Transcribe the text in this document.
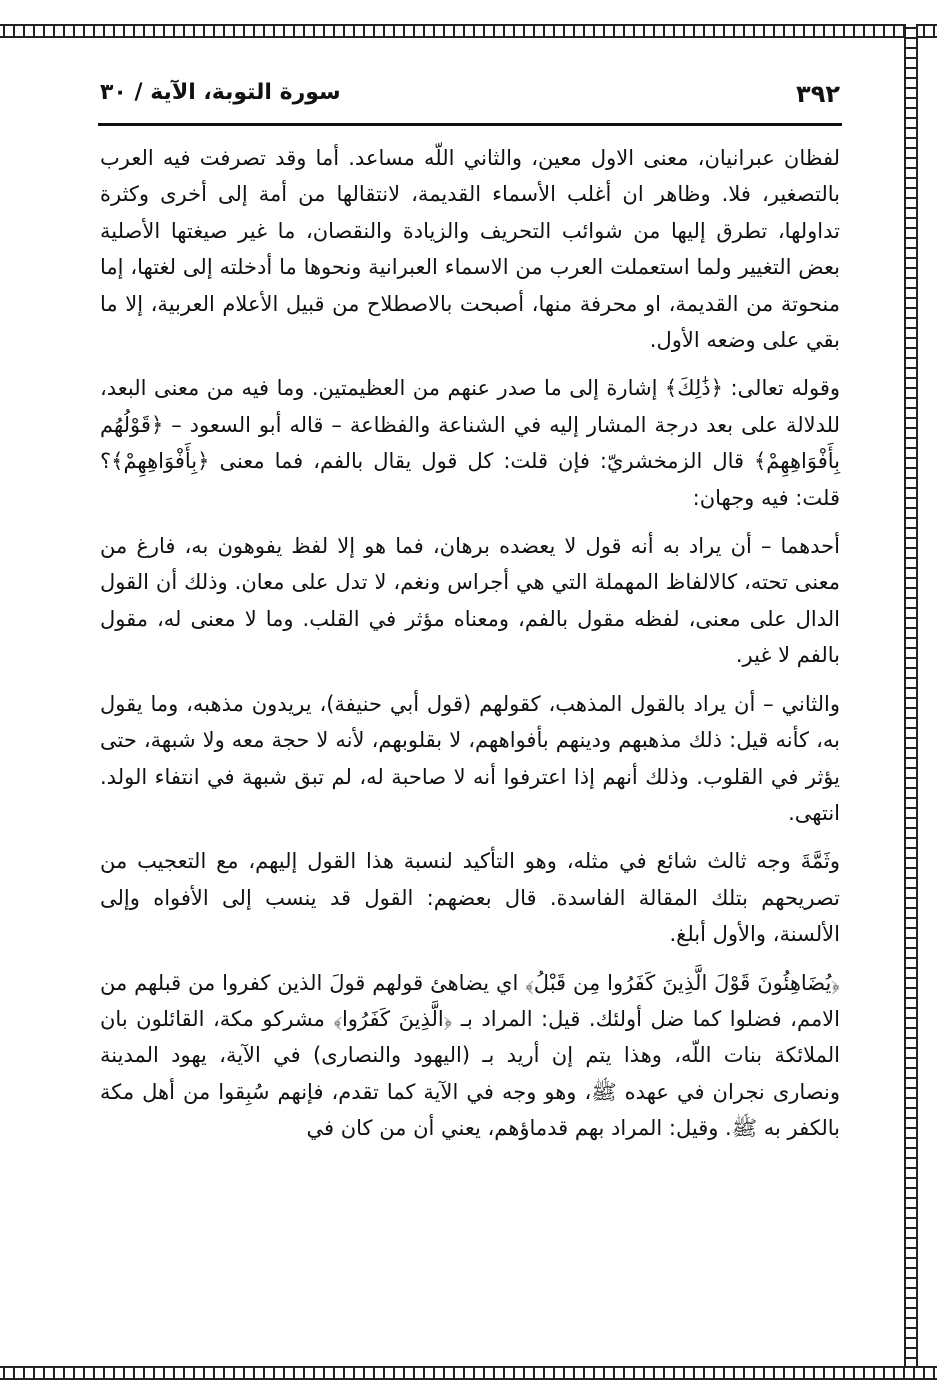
٣٩٢
سورة التوبة، الآية / ٣٠

لفظان عبرانيان، معنى الاول معين، والثاني اللّه مساعد. أما وقد تصرفت فيه العرب بالتصغير، فلا. وظاهر ان أغلب الأسماء القديمة، لانتقالها من أمة إلى أخرى وكثرة تداولها، تطرق إليها من شوائب التحريف والزيادة والنقصان، ما غير صيغتها الأصلية بعض التغيير ولما استعملت العرب من الاسماء العبرانية ونحوها ما أدخلته إلى لغتها، إما منحوتة من القديمة، او محرفة منها، أصبحت بالاصطلاح من قبيل الأعلام العربية، إلا ما بقي على وضعه الأول.

وقوله تعالى: ﴿ذَٰلِكَ﴾ إشارة إلى ما صدر عنهم من العظيمتين. وما فيه من معنى البعد، للدلالة على بعد درجة المشار إليه في الشناعة والفظاعة – قاله أبو السعود – ﴿قَوْلُهُم بِأَفْوَاهِهِمْ﴾ قال الزمخشريّ: فإن قلت: كل قول يقال بالفم، فما معنى ﴿بِأَفْوَاهِهِمْ﴾؟ قلت: فيه وجهان:

أحدهما – أن يراد به أنه قول لا يعضده برهان، فما هو إلا لفظ يفوهون به، فارغ من معنى تحته، كالالفاظ المهملة التي هي أجراس ونغم، لا تدل على معان. وذلك أن القول الدال على معنى، لفظه مقول بالفم، ومعناه مؤثر في القلب. وما لا معنى له، مقول بالفم لا غير.

والثاني – أن يراد بالقول المذهب، كقولهم (قول أبي حنيفة)، يريدون مذهبه، وما يقول به، كأنه قيل: ذلك مذهبهم ودينهم بأفواههم، لا بقلوبهم، لأنه لا حجة معه ولا شبهة، حتى يؤثر في القلوب. وذلك أنهم إذا اعترفوا أنه لا صاحبة له، لم تبق شبهة في انتفاء الولد. انتهى.

وثَمَّةَ وجه ثالث شائع في مثله، وهو التأكيد لنسبة هذا القول إليهم، مع التعجيب من تصريحهم بتلك المقالة الفاسدة. قال بعضهم: القول قد ينسب إلى الأفواه وإلى الألسنة، والأول أبلغ.

﴿يُضَاهِئُونَ قَوْلَ الَّذِينَ كَفَرُوا مِن قَبْلُ﴾ اي يضاهئ قولهم قولَ الذين كفروا من قبلهم من الامم، فضلوا كما ضل أولئك. قيل: المراد بـ ﴿الَّذِينَ كَفَرُوا﴾ مشركو مكة، القائلون بان الملائكة بنات اللّه، وهذا يتم إن أريد بـ (اليهود والنصارى) في الآية، يهود المدينة ونصارى نجران في عهده ﷺ، وهو وجه في الآية كما تقدم، فإنهم سُبِقوا من أهل مكة بالكفر به ﷺ. وقيل: المراد بهم قدماؤهم، يعني أن من كان في
